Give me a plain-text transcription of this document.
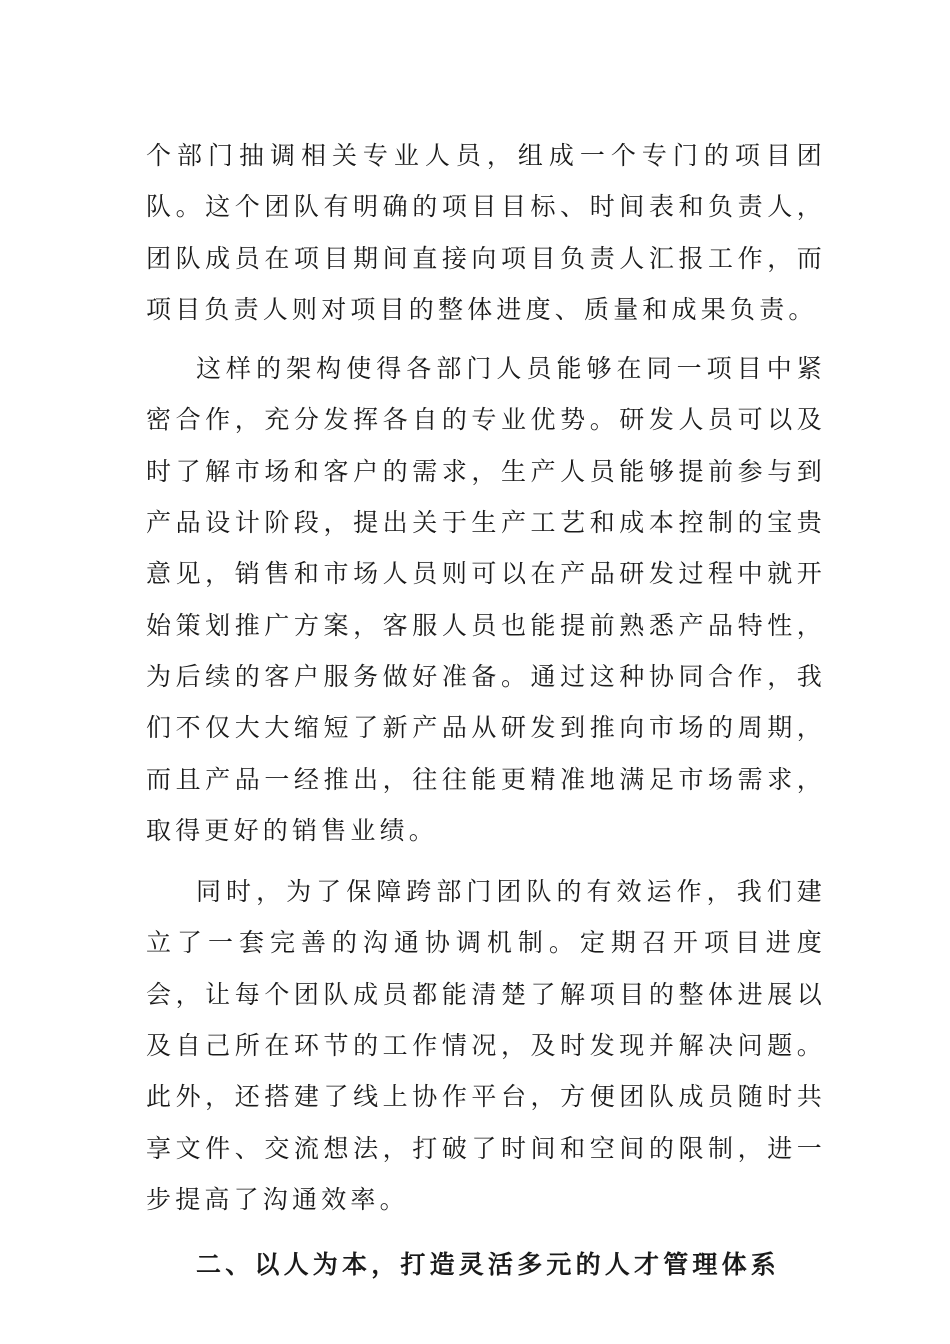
个部门抽调相关专业人员，组成一个专门的项目团队。这个团队有明确的项目目标、时间表和负责人，团队成员在项目期间直接向项目负责人汇报工作，而项目负责人则对项目的整体进度、质量和成果负责。

这样的架构使得各部门人员能够在同一项目中紧密合作，充分发挥各自的专业优势。研发人员可以及时了解市场和客户的需求，生产人员能够提前参与到产品设计阶段，提出关于生产工艺和成本控制的宝贵意见，销售和市场人员则可以在产品研发过程中就开始策划推广方案，客服人员也能提前熟悉产品特性，为后续的客户服务做好准备。通过这种协同合作，我们不仅大大缩短了新产品从研发到推向市场的周期，而且产品一经推出，往往能更精准地满足市场需求，取得更好的销售业绩。

同时，为了保障跨部门团队的有效运作，我们建立了一套完善的沟通协调机制。定期召开项目进度会，让每个团队成员都能清楚了解项目的整体进展以及自己所在环节的工作情况，及时发现并解决问题。此外，还搭建了线上协作平台，方便团队成员随时共享文件、交流想法，打破了时间和空间的限制，进一步提高了沟通效率。

二、以人为本，打造灵活多元的人才管理体系
